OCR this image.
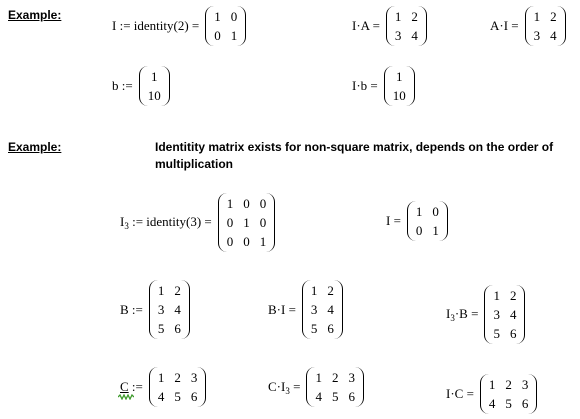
Example:
I := identity(2) =
1 0
0 1
I·A =
1 2
3 4
A·I =
1 2
3 4
b :=
1
10
I·b =
1
10
Example:	Identitity matrix exists for non-square matrix, depends on the order of multiplication
$I_3$ := identity(3) =
1 0 0
0 1 0
0 0 1
I =
1 0
0 1
B :=
1 2
3 4
5 6
B·I =
1 2
3 4
5 6
$I_3\cdot B$ =
1 2
3 4
5 6
C
:=
1 2 3
4 5 6
$C\cdot I_3$ =
1 2 3
4 5 6	I·C =
1 2 3
4 5 6
